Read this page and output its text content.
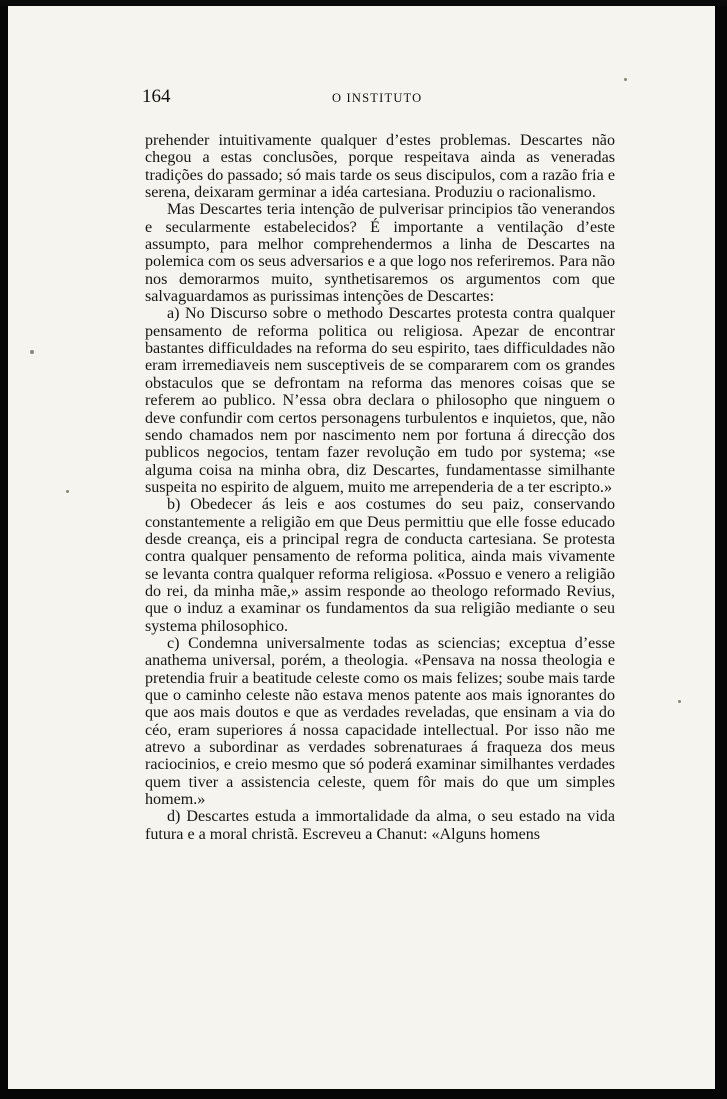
164	O INSTITUTO

prehender intuitivamente qualquer d’estes problemas. Descartes não chegou a estas conclusões, porque respeitava ainda as veneradas tradições do passado; só mais tarde os seus discipulos, com a razão fria e serena, deixaram germinar a idéa cartesiana. Produziu o racionalismo.

Mas Descartes teria intenção de pulverisar principios tão venerandos e secularmente estabelecidos? É importante a ventilação d’este assumpto, para melhor comprehendermos a linha de Descartes na polemica com os seus adversarios e a que logo nos referiremos. Para não nos demorarmos muito, synthetisaremos os argumentos com que salvaguardamos as purissimas intenções de Descartes:

a) No Discurso sobre o methodo Descartes protesta contra qualquer pensamento de reforma politica ou religiosa. Apezar de encontrar bastantes difficuldades na reforma do seu espirito, taes difficuldades não eram irremediaveis nem susceptiveis de se compararem com os grandes obstaculos que se defrontam na reforma das menores coisas que se referem ao publico. N’essa obra declara o philosopho que ninguem o deve confundir com certos personagens turbulentos e inquietos, que, não sendo chamados nem por nascimento nem por fortuna á direcção dos publicos negocios, tentam fazer revolução em tudo por systema; «se alguma coisa na minha obra, diz Descartes, fundamentasse similhante suspeita no espirito de alguem, muito me arrependeria de a ter escripto.»

b) Obedecer ás leis e aos costumes do seu paiz, conservando constantemente a religião em que Deus permittiu que elle fosse educado desde creança, eis a principal regra de conducta cartesiana. Se protesta contra qualquer pensamento de reforma politica, ainda mais vivamente se levanta contra qualquer reforma religiosa. «Possuo e venero a religião do rei, da minha mãe,» assim responde ao theologo reformado Revius, que o induz a examinar os fundamentos da sua religião mediante o seu systema philosophico.

c) Condemna universalmente todas as sciencias; exceptua d’esse anathema universal, porém, a theologia. «Pensava na nossa theologia e pretendia fruir a beatitude celeste como os mais felizes; soube mais tarde que o caminho celeste não estava menos patente aos mais ignorantes do que aos mais doutos e que as verdades reveladas, que ensinam a via do céo, eram superiores á nossa capacidade intellectual. Por isso não me atrevo a subordinar as verdades sobrenaturaes á fraqueza dos meus raciocinios, e creio mesmo que só poderá examinar similhantes verdades quem tiver a assistencia celeste, quem fôr mais do que um simples homem.»

d) Descartes estuda a immortalidade da alma, o seu estado na vida futura e a moral christã. Escreveu a Chanut: «Alguns homens
